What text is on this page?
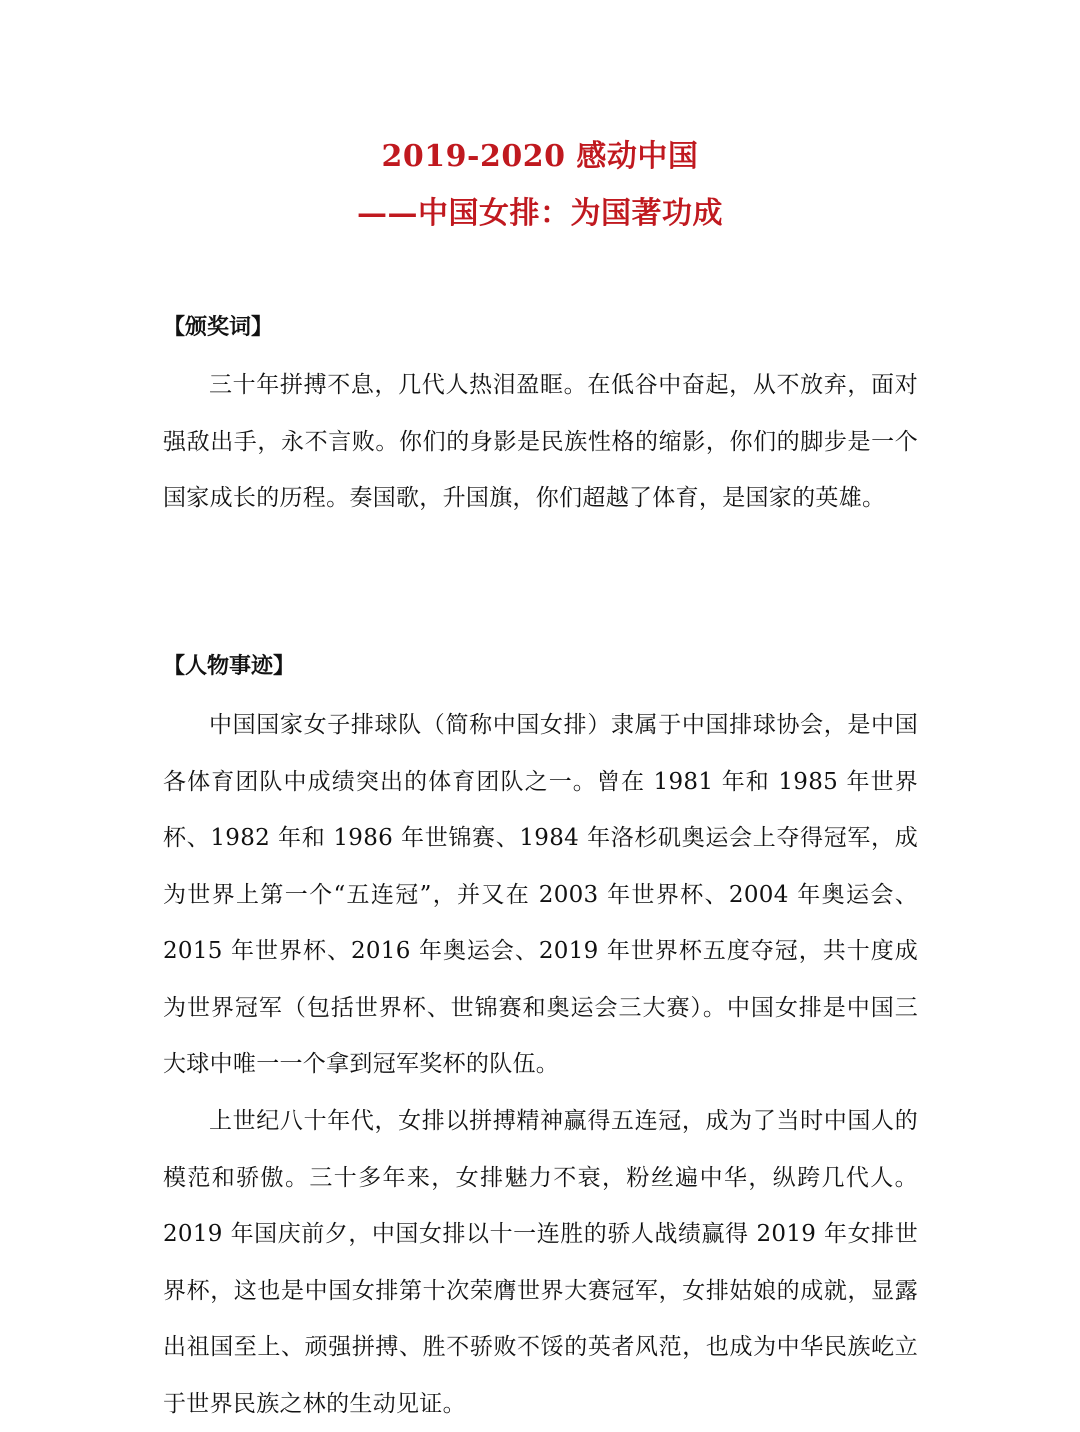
2019-2020 感动中国
——中国女排：为国著功成
【颁奖词】

三十年拼搏不息，几代人热泪盈眶。在低谷中奋起，从不放弃，面对强敌出手，永不言败。你们的身影是民族性格的缩影，你们的脚步是一个国家成长的历程。奏国歌，升国旗，你们超越了体育，是国家的英雄。

【人物事迹】

中国国家女子排球队（简称中国女排）隶属于中国排球协会，是中国各体育团队中成绩突出的体育团队之一。曾在 1981 年和 1985 年世界杯、1982 年和 1986 年世锦赛、1984 年洛杉矶奥运会上夺得冠军，成为世界上第一个“五连冠”，并又在 2003 年世界杯、2004 年奥运会、2015 年世界杯、2016 年奥运会、2019 年世界杯五度夺冠，共十度成为世界冠军（包括世界杯、世锦赛和奥运会三大赛）。中国女排是中国三大球中唯一一个拿到冠军奖杯的队伍。

上世纪八十年代，女排以拼搏精神赢得五连冠，成为了当时中国人的模范和骄傲。三十多年来，女排魅力不衰，粉丝遍中华，纵跨几代人。2019 年国庆前夕，中国女排以十一连胜的骄人战绩赢得 2019 年女排世界杯，这也是中国女排第十次荣膺世界大赛冠军，女排姑娘的成就，显露出祖国至上、顽强拼搏、胜不骄败不馁的英者风范，也成为中华民族屹立于世界民族之林的生动见证。
